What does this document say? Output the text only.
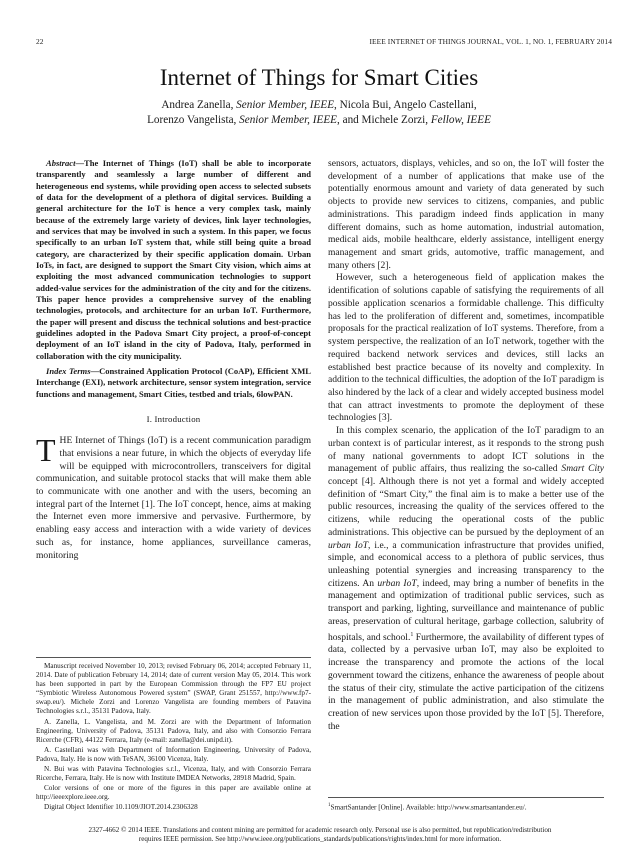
22	IEEE INTERNET OF THINGS JOURNAL, VOL. 1, NO. 1, FEBRUARY 2014
Internet of Things for Smart Cities
Andrea Zanella, Senior Member, IEEE, Nicola Bui, Angelo Castellani,
Lorenzo Vangelista, Senior Member, IEEE, and Michele Zorzi, Fellow, IEEE

Abstract—The Internet of Things (IoT) shall be able to incorporate transparently and seamlessly a large number of different and heterogeneous end systems, while providing open access to selected subsets of data for the development of a plethora of digital services. Building a general architecture for the IoT is hence a very complex task, mainly because of the extremely large variety of devices, link layer technologies, and services that may be involved in such a system. In this paper, we focus specifically to an urban IoT system that, while still being quite a broad category, are characterized by their specific application domain. Urban IoTs, in fact, are designed to support the Smart City vision, which aims at exploiting the most advanced communication technologies to support added-value services for the administration of the city and for the citizens. This paper hence provides a comprehensive survey of the enabling technologies, protocols, and architecture for an urban IoT. Furthermore, the paper will present and discuss the technical solutions and best-practice guidelines adopted in the Padova Smart City project, a proof-of-concept deployment of an IoT island in the city of Padova, Italy, performed in collaboration with the city municipality.

Index Terms—Constrained Application Protocol (CoAP), Efficient XML Interchange (EXI), network architecture, sensor system integration, service functions and management, Smart Cities, testbed and trials, 6lowPAN.

I. Introduction

THE Internet of Things (IoT) is a recent communication paradigm that envisions a near future, in which the objects of everyday life will be equipped with microcontrollers, transceivers for digital communication, and suitable protocol stacks that will make them able to communicate with one another and with the users, becoming an integral part of the Internet [1]. The IoT concept, hence, aims at making the Internet even more immersive and pervasive. Furthermore, by enabling easy access and interaction with a wide variety of devices such as, for instance, home appliances, surveillance cameras, monitoring

Manuscript received November 10, 2013; revised February 06, 2014; accepted February 11, 2014. Date of publication February 14, 2014; date of current version May 05, 2014. This work has been supported in part by the European Commission through the FP7 EU project “Symbiotic Wireless Autonomous Powered system” (SWAP, Grant 251557, http://www.fp7-swap.eu/). Michele Zorzi and Lorenzo Vangelista are founding members of Patavina Technologies s.r.l., 35131 Padova, Italy.

A. Zanella, L. Vangelista, and M. Zorzi are with the Department of Information Engineering, University of Padova, 35131 Padova, Italy, and also with Consorzio Ferrara Ricerche (CFR), 44122 Ferrara, Italy (e-mail: zanella@dei.unipd.it).

A. Castellani was with Department of Information Engineering, University of Padova, Padova, Italy. He is now with TeSAN, 36100 Vicenza, Italy.

N. Bui was with Patavina Technologies s.r.l., Vicenza, Italy, and with Consorzio Ferrara Ricerche, Ferrara, Italy. He is now with Institute IMDEA Networks, 28918 Madrid, Spain.

Color versions of one or more of the figures in this paper are available online at http://ieeexplore.ieee.org.

Digital Object Identifier 10.1109/JIOT.2014.2306328

sensors, actuators, displays, vehicles, and so on, the IoT will foster the development of a number of applications that make use of the potentially enormous amount and variety of data generated by such objects to provide new services to citizens, companies, and public administrations. This paradigm indeed finds application in many different domains, such as home automation, industrial automation, medical aids, mobile healthcare, elderly assistance, intelligent energy management and smart grids, automotive, traffic management, and many others [2].

However, such a heterogeneous field of application makes the identification of solutions capable of satisfying the requirements of all possible application scenarios a formidable challenge. This difficulty has led to the proliferation of different and, sometimes, incompatible proposals for the practical realization of IoT systems. Therefore, from a system perspective, the realization of an IoT network, together with the required backend network services and devices, still lacks an established best practice because of its novelty and complexity. In addition to the technical difficulties, the adoption of the IoT paradigm is also hindered by the lack of a clear and widely accepted business model that can attract investments to promote the deployment of these technologies [3].

In this complex scenario, the application of the IoT paradigm to an urban context is of particular interest, as it responds to the strong push of many national governments to adopt ICT solutions in the management of public affairs, thus realizing the so-called Smart City concept [4]. Although there is not yet a formal and widely accepted definition of “Smart City,” the final aim is to make a better use of the public resources, increasing the quality of the services offered to the citizens, while reducing the operational costs of the public administrations. This objective can be pursued by the deployment of an urban IoT, i.e., a communication infrastructure that provides unified, simple, and economical access to a plethora of public services, thus unleashing potential synergies and increasing transparency to the citizens. An urban IoT, indeed, may bring a number of benefits in the management and optimization of traditional public services, such as transport and parking, lighting, surveillance and maintenance of public areas, preservation of cultural heritage, garbage collection, salubrity of hospitals, and school.$^1$ Furthermore, the availability of different types of data, collected by a pervasive urban IoT, may also be exploited to increase the transparency and promote the actions of the local government toward the citizens, enhance the awareness of people about the status of their city, stimulate the active participation of the citizens in the management of public administration, and also stimulate the creation of new services upon those provided by the IoT [5]. Therefore, the

$^1$SmartSantander [Online]. Available: http://www.smartsantander.eu/.
2327-4662 © 2014 IEEE. Translations and content mining are permitted for academic research only. Personal use is also permitted, but republication/redistribution
requires IEEE permission. See http://www.ieee.org/publications_standards/publications/rights/index.html for more information.
